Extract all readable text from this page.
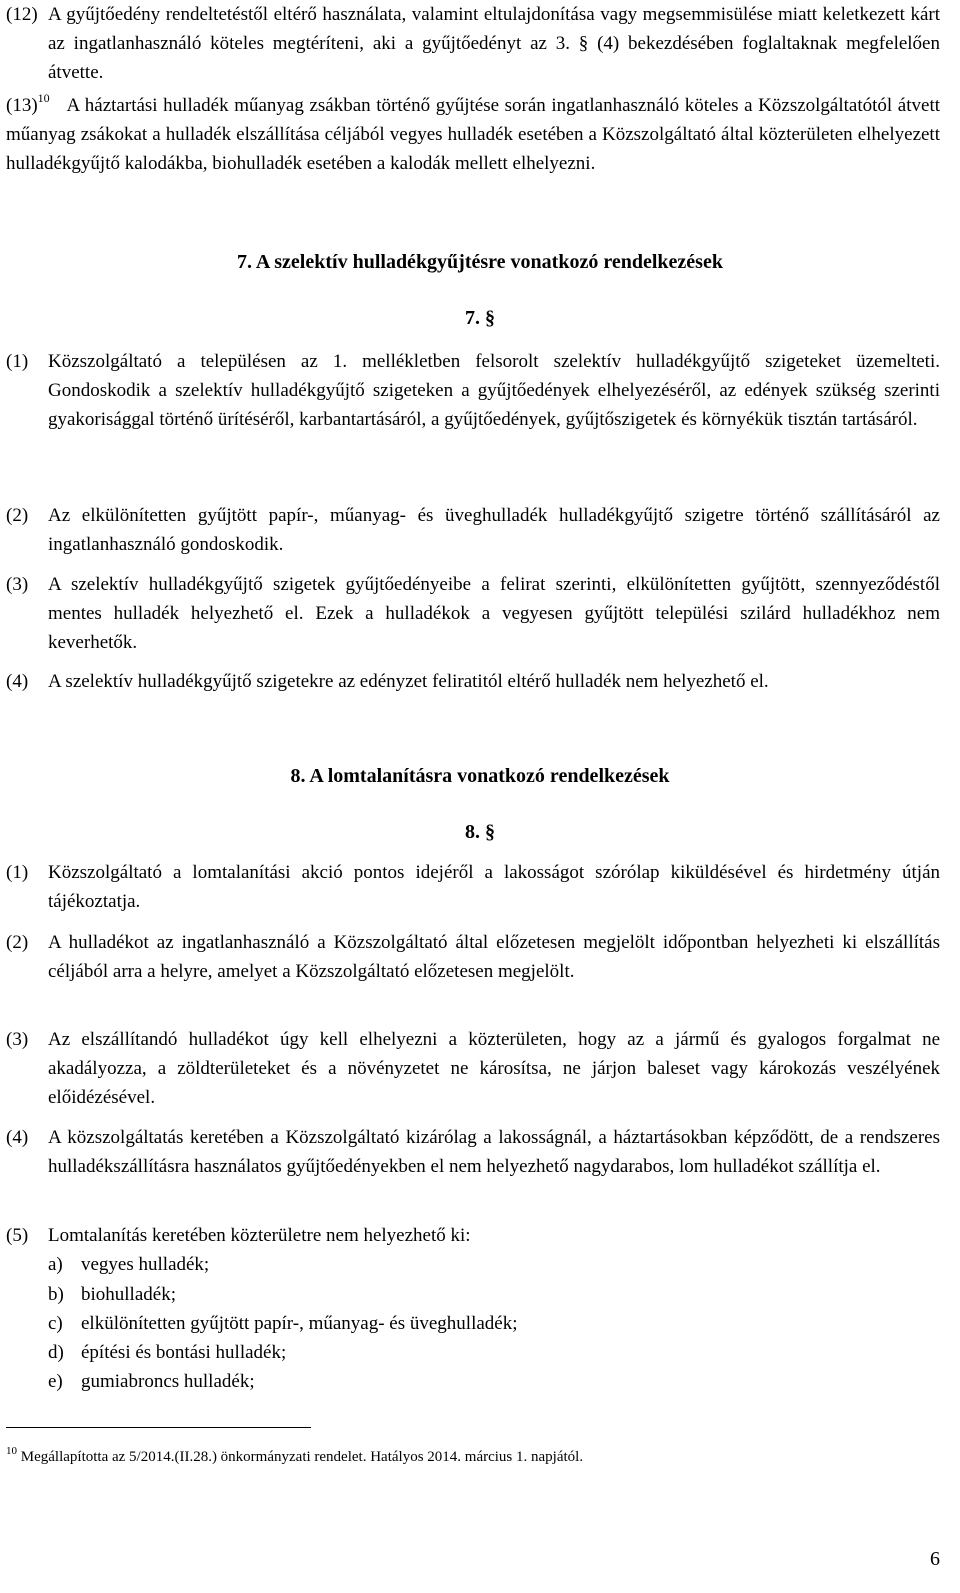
(12) A gyűjtőedény rendeltetéstől eltérő használata, valamint eltulajdonítása vagy megsemmisülése miatt keletkezett kárt az ingatlanhasználó köteles megtéríteni, aki a gyűjtőedényt az 3. § (4) bekezdésében foglaltaknak megfelelően átvette.
$(13)^{10}$ A háztartási hulladék műanyag zsákban történő gyűjtése során ingatlanhasználó köteles a Közszolgáltatótól átvett műanyag zsákokat a hulladék elszállítása céljából vegyes hulladék esetében a Közszolgáltató által közterületen elhelyezett hulladékgyűjtő kalodákba, biohulladék esetében a kalodák mellett elhelyezni.
7. A szelektív hulladékgyűjtésre vonatkozó rendelkezések
7. §
(1) Közszolgáltató a településen az 1. mellékletben felsorolt szelektív hulladékgyűjtő szigeteket üzemelteti. Gondoskodik a szelektív hulladékgyűjtő szigeteken a gyűjtőedények elhelyezéséről, az edények szükség szerinti gyakorisággal történő ürítéséről, karbantartásáról, a gyűjtőedények, gyűjtőszigetek és környékük tisztán tartásáról.
(2) Az elkülönítetten gyűjtött papír-, műanyag- és üveghulladék hulladékgyűjtő szigetre történő szállításáról az ingatlanhasználó gondoskodik.
(3) A szelektív hulladékgyűjtő szigetek gyűjtőedényeibe a felirat szerinti, elkülönítetten gyűjtött, szennyeződéstől mentes hulladék helyezhető el. Ezek a hulladékok a vegyesen gyűjtött települési szilárd hulladékhoz nem keverhetők.
(4) A szelektív hulladékgyűjtő szigetekre az edényzet feliratitól eltérő hulladék nem helyezhető el.
8. A lomtalanításra vonatkozó rendelkezések
8. §
(1) Közszolgáltató a lomtalanítási akció pontos idejéről a lakosságot szórólap kiküldésével és hirdetmény útján tájékoztatja.
(2) A hulladékot az ingatlanhasználó a Közszolgáltató által előzetesen megjelölt időpontban helyezheti ki elszállítás céljából arra a helyre, amelyet a Közszolgáltató előzetesen megjelölt.
(3) Az elszállítandó hulladékot úgy kell elhelyezni a közterületen, hogy az a jármű és gyalogos forgalmat ne akadályozza, a zöldterületeket és a növényzetet ne károsítsa, ne járjon baleset vagy károkozás veszélyének előidézésével.
(4) A közszolgáltatás keretében a Közszolgáltató kizárólag a lakosságnál, a háztartásokban képződött, de a rendszeres hulladékszállításra használatos gyűjtőedényekben el nem helyezhető nagydarabos, lom hulladékot szállítja el.
(5) Lomtalanítás keretében közterületre nem helyezhető ki:
a) vegyes hulladék;
b) biohulladék;
c) elkülönítetten gyűjtött papír-, műanyag- és üveghulladék;
d) építési és bontási hulladék;
e) gumiabroncs hulladék;
$^{10}$ Megállapította az 5/2014.(II.28.) önkormányzati rendelet. Hatályos 2014. március 1. napjától.
6
